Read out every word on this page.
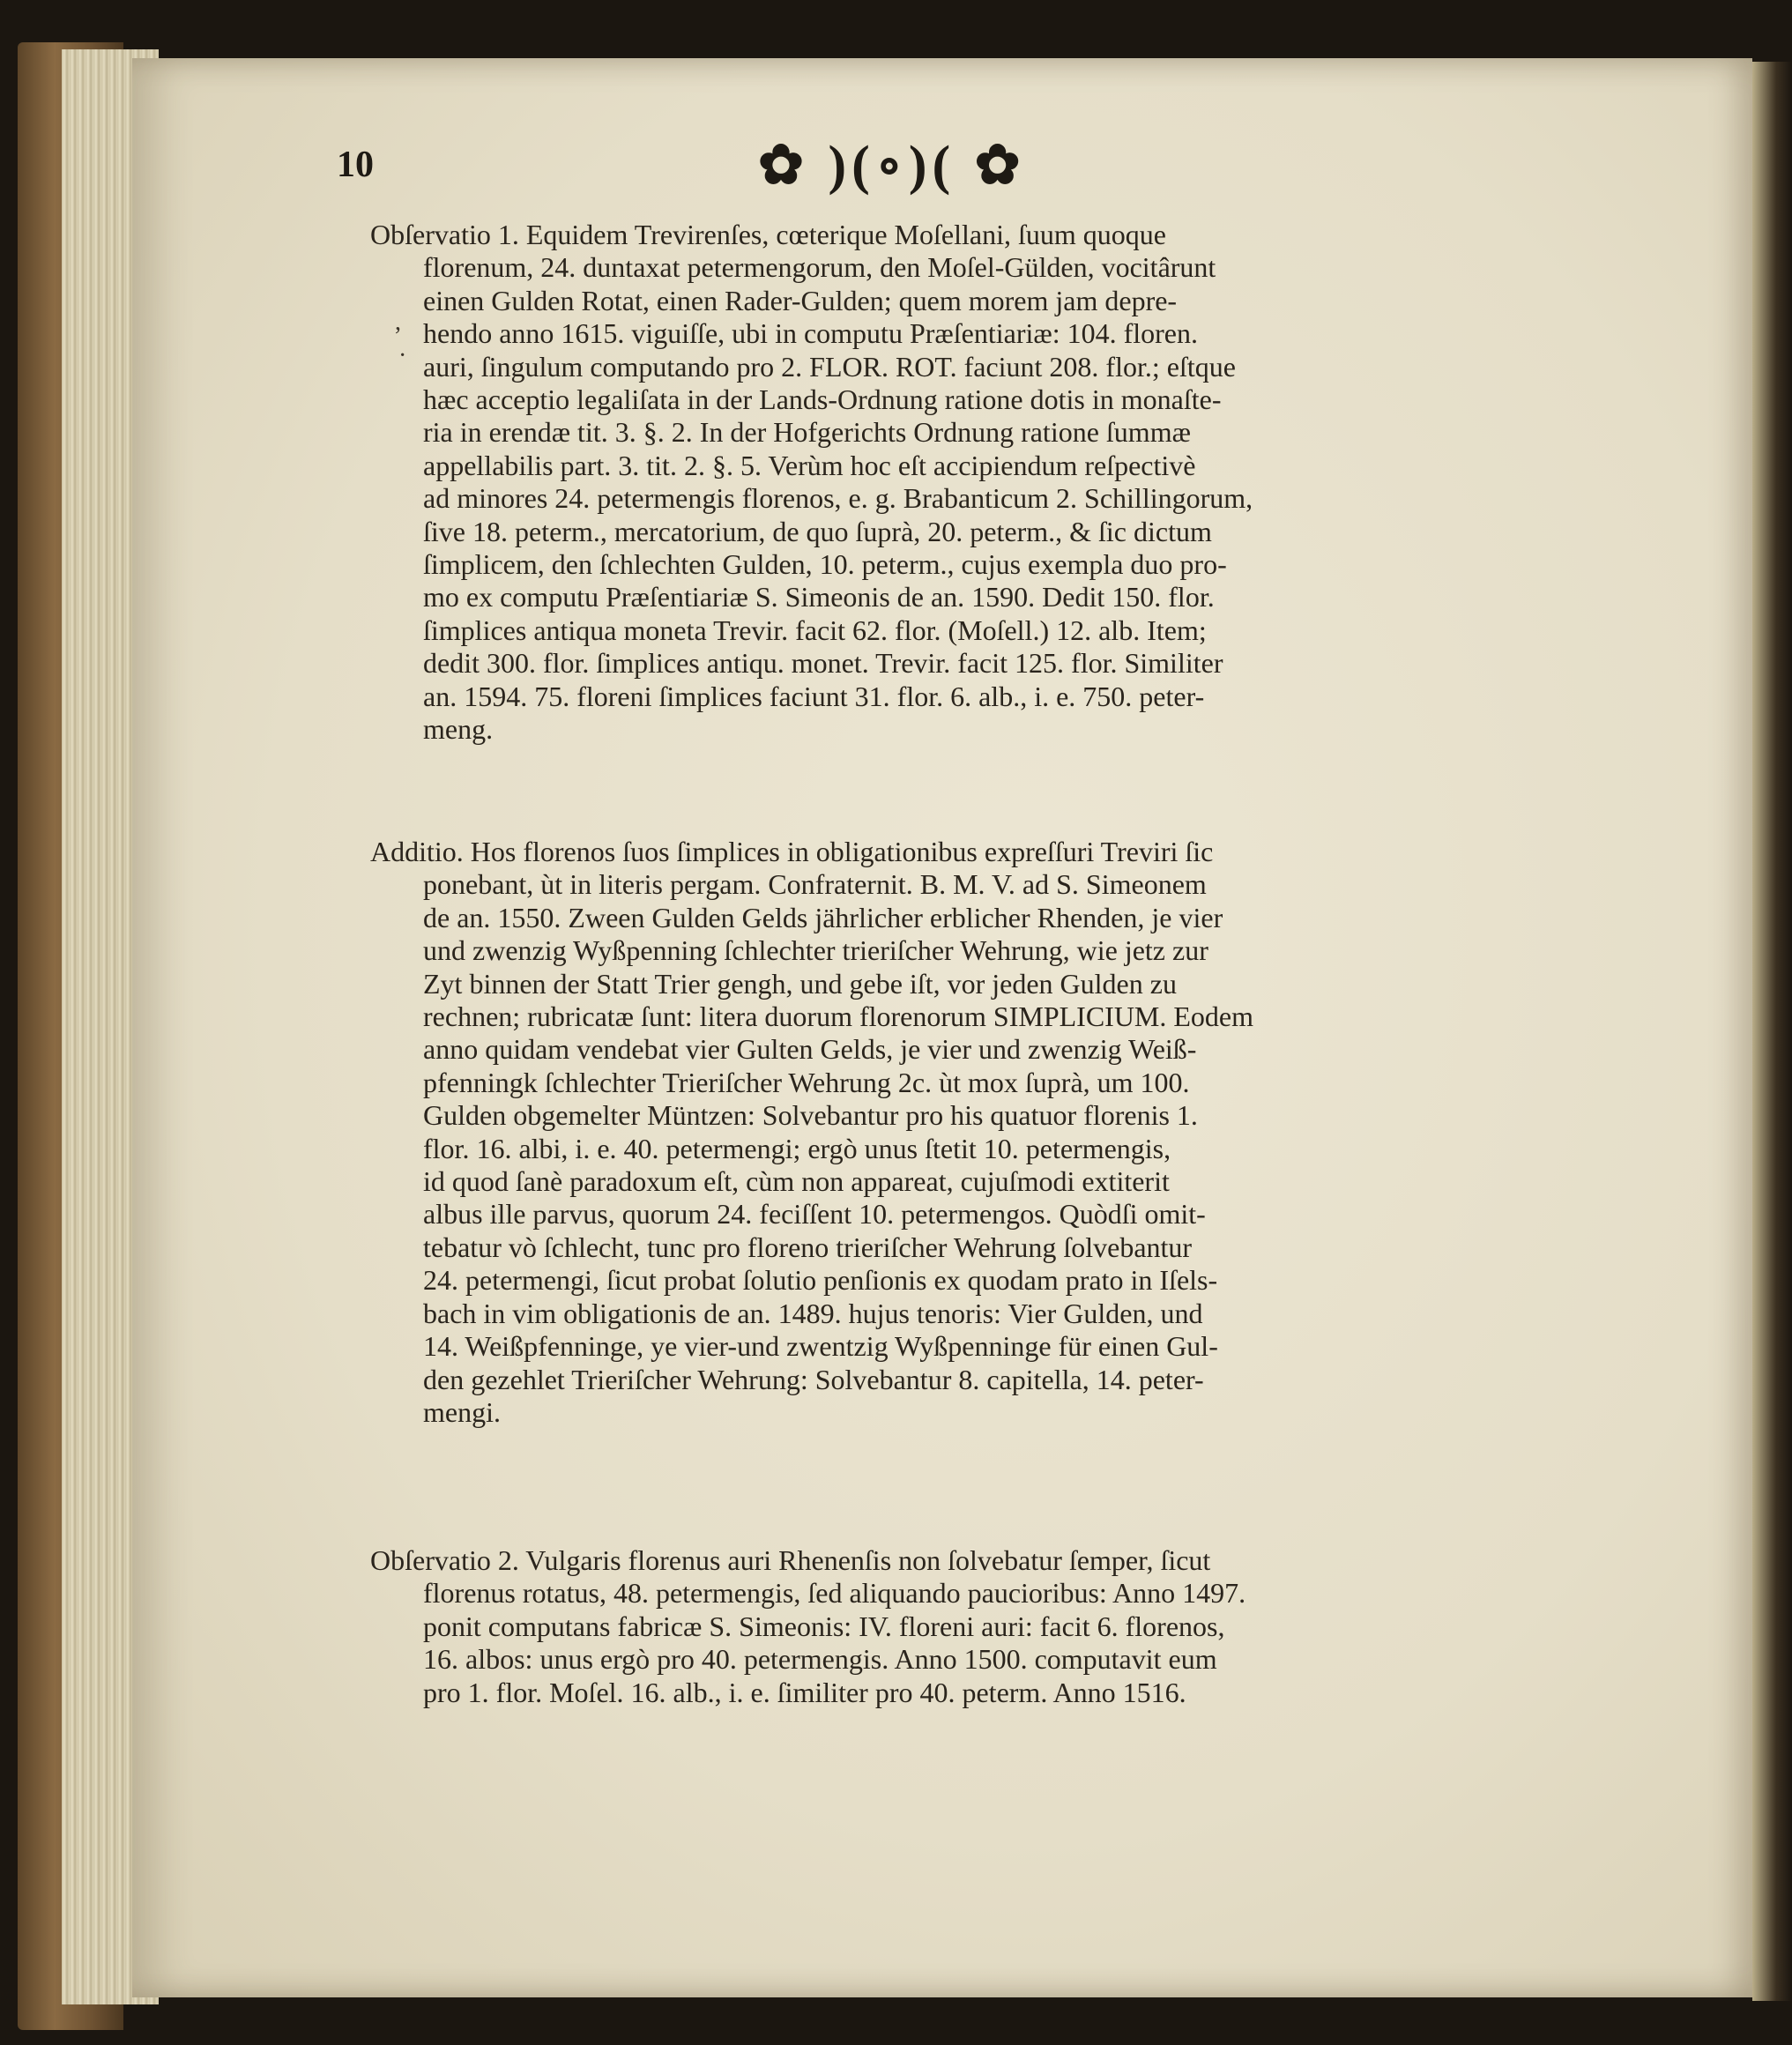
10	✿ )(∘)( ✿
,
·
Obſervatio 1. Equidem Trevirenſes, cœterique Moſellani, ſuum quoque
florenum, 24. duntaxat petermengorum, den Moſel-Gülden, vocitârunt
einen Gulden Rotat, einen Rader-Gulden; quem morem jam depre-
hendo anno 1615. viguiſſe, ubi in computu Præſentiariæ: 104. floren.
auri, ſingulum computando pro 2. FLOR. ROT. faciunt 208. flor.; eſtque
hæc acceptio legaliſata in der Lands-Ordnung ratione dotis in monaſte-
ria in erendæ tit. 3. §. 2. In der Hofgerichts Ordnung ratione ſummæ
appellabilis part. 3. tit. 2. §. 5. Verùm hoc eſt accipiendum reſpectivè
ad minores 24. petermengis florenos, e. g. Brabanticum 2. Schillingorum,
ſive 18. peterm., mercatorium, de quo ſuprà, 20. peterm., & ſic dictum
ſimplicem, den ſchlechten Gulden, 10. peterm., cujus exempla duo pro-
mo ex computu Præſentiariæ S. Simeonis de an. 1590. Dedit 150. flor.
ſimplices antiqua moneta Trevir. facit 62. flor. (Moſell.) 12. alb. Item;
dedit 300. flor. ſimplices antiqu. monet. Trevir. facit 125. flor. Similiter
an. 1594. 75. floreni ſimplices faciunt 31. flor. 6. alb., i. e. 750. peter-
meng.
Additio. Hos florenos ſuos ſimplices in obligationibus expreſſuri Treviri ſic
ponebant, ùt in literis pergam. Confraternit. B. M. V. ad S. Simeonem
de an. 1550. Zween Gulden Gelds jährlicher erblicher Rhenden, je vier
und zwenzig Wyßpenning ſchlechter trieriſcher Wehrung, wie jetz zur
Zyt binnen der Statt Trier gengh, und gebe iſt, vor jeden Gulden zu
rechnen; rubricatæ ſunt: litera duorum florenorum SIMPLICIUM. Eodem
anno quidam vendebat vier Gulten Gelds, je vier und zwenzig Weiß-
pfenningk ſchlechter Trieriſcher Wehrung 2c. ùt mox ſuprà, um 100.
Gulden obgemelter Müntzen: Solvebantur pro his quatuor florenis 1.
flor. 16. albi, i. e. 40. petermengi; ergò unus ſtetit 10. petermengis,
id quod ſanè paradoxum eſt, cùm non appareat, cujuſmodi extiterit
albus ille parvus, quorum 24. feciſſent 10. petermengos. Quòdſi omit-
tebatur vò ſchlecht, tunc pro floreno trieriſcher Wehrung ſolvebantur
24. petermengi, ſicut probat ſolutio penſionis ex quodam prato in Iſels-
bach in vim obligationis de an. 1489. hujus tenoris: Vier Gulden, und
14. Weißpfenninge, ye vier-und zwentzig Wyßpenninge für einen Gul-
den gezehlet Trieriſcher Wehrung: Solvebantur 8. capitella, 14. peter-
mengi.
Obſervatio 2. Vulgaris florenus auri Rhenenſis non ſolvebatur ſemper, ſicut
florenus rotatus, 48. petermengis, ſed aliquando paucioribus: Anno 1497.
ponit computans fabricæ S. Simeonis: IV. floreni auri: facit 6. florenos,
16. albos: unus ergò pro 40. petermengis. Anno 1500. computavit eum
pro 1. flor. Moſel. 16. alb., i. e. ſimiliter pro 40. peterm. Anno 1516.
